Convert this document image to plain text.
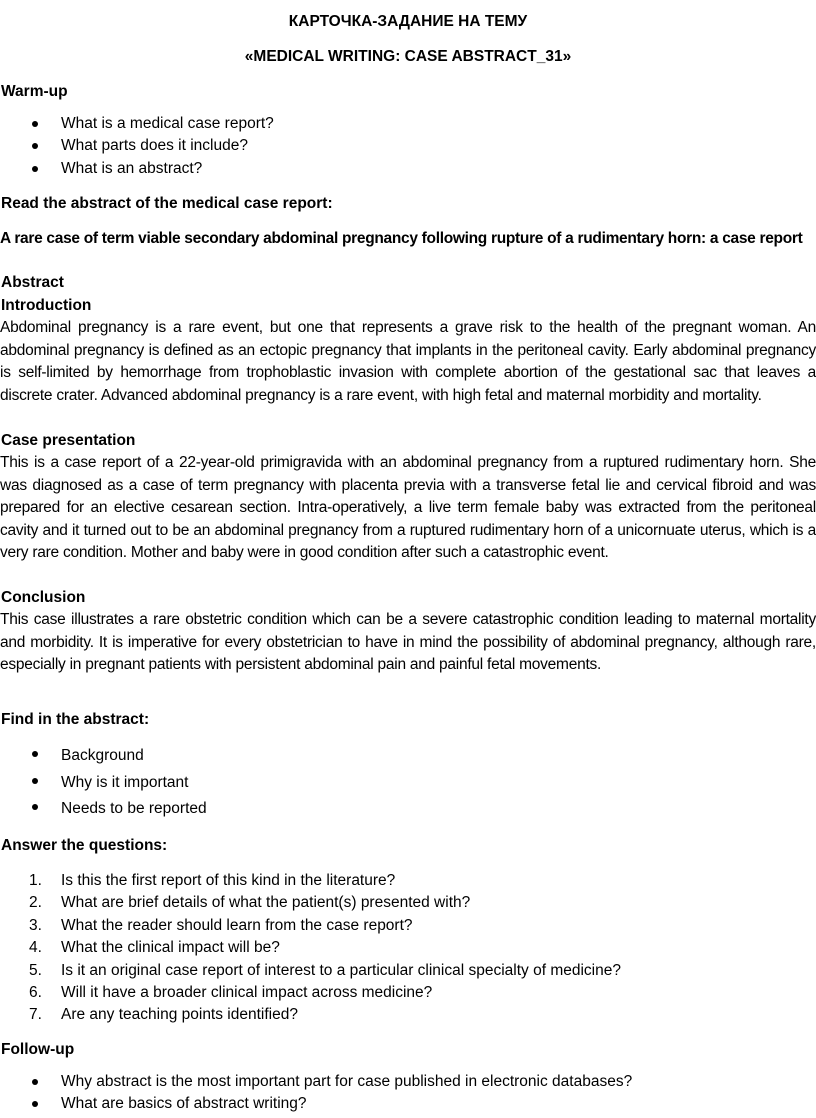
КАРТОЧКА-ЗАДАНИЕ НА ТЕМУ
«MEDICAL WRITING: CASE ABSTRACT_31»
Warm-up
What is a medical case report?
What parts does it include?
What is an abstract?
Read the abstract of the medical case report:
A rare case of term viable secondary abdominal pregnancy following rupture of a rudimentary horn: a case report
Abstract
Introduction
Abdominal pregnancy is a rare event, but one that represents a grave risk to the health of the pregnant woman. An abdominal pregnancy is defined as an ectopic pregnancy that implants in the peritoneal cavity. Early abdominal pregnancy is self-limited by hemorrhage from trophoblastic invasion with complete abortion of the gestational sac that leaves a discrete crater. Advanced abdominal pregnancy is a rare event, with high fetal and maternal morbidity and mortality.
Case presentation
This is a case report of a 22-year-old primigravida with an abdominal pregnancy from a ruptured rudimentary horn. She was diagnosed as a case of term pregnancy with placenta previa with a transverse fetal lie and cervical fibroid and was prepared for an elective cesarean section. Intra-operatively, a live term female baby was extracted from the peritoneal cavity and it turned out to be an abdominal pregnancy from a ruptured rudimentary horn of a unicornuate uterus, which is a very rare condition. Mother and baby were in good condition after such a catastrophic event.
Conclusion
This case illustrates a rare obstetric condition which can be a severe catastrophic condition leading to maternal mortality and morbidity. It is imperative for every obstetrician to have in mind the possibility of abdominal pregnancy, although rare, especially in pregnant patients with persistent abdominal pain and painful fetal movements.
Find in the abstract:
Background
Why is it important
Needs to be reported
Answer the questions:
1. Is this the first report of this kind in the literature?
2. What are brief details of what the patient(s) presented with?
3. What the reader should learn from the case report?
4. What the clinical impact will be?
5. Is it an original case report of interest to a particular clinical specialty of medicine?
6. Will it have a broader clinical impact across medicine?
7. Are any teaching points identified?
Follow-up
Why abstract is the most important part for case published in electronic databases?
What are basics of abstract writing?
